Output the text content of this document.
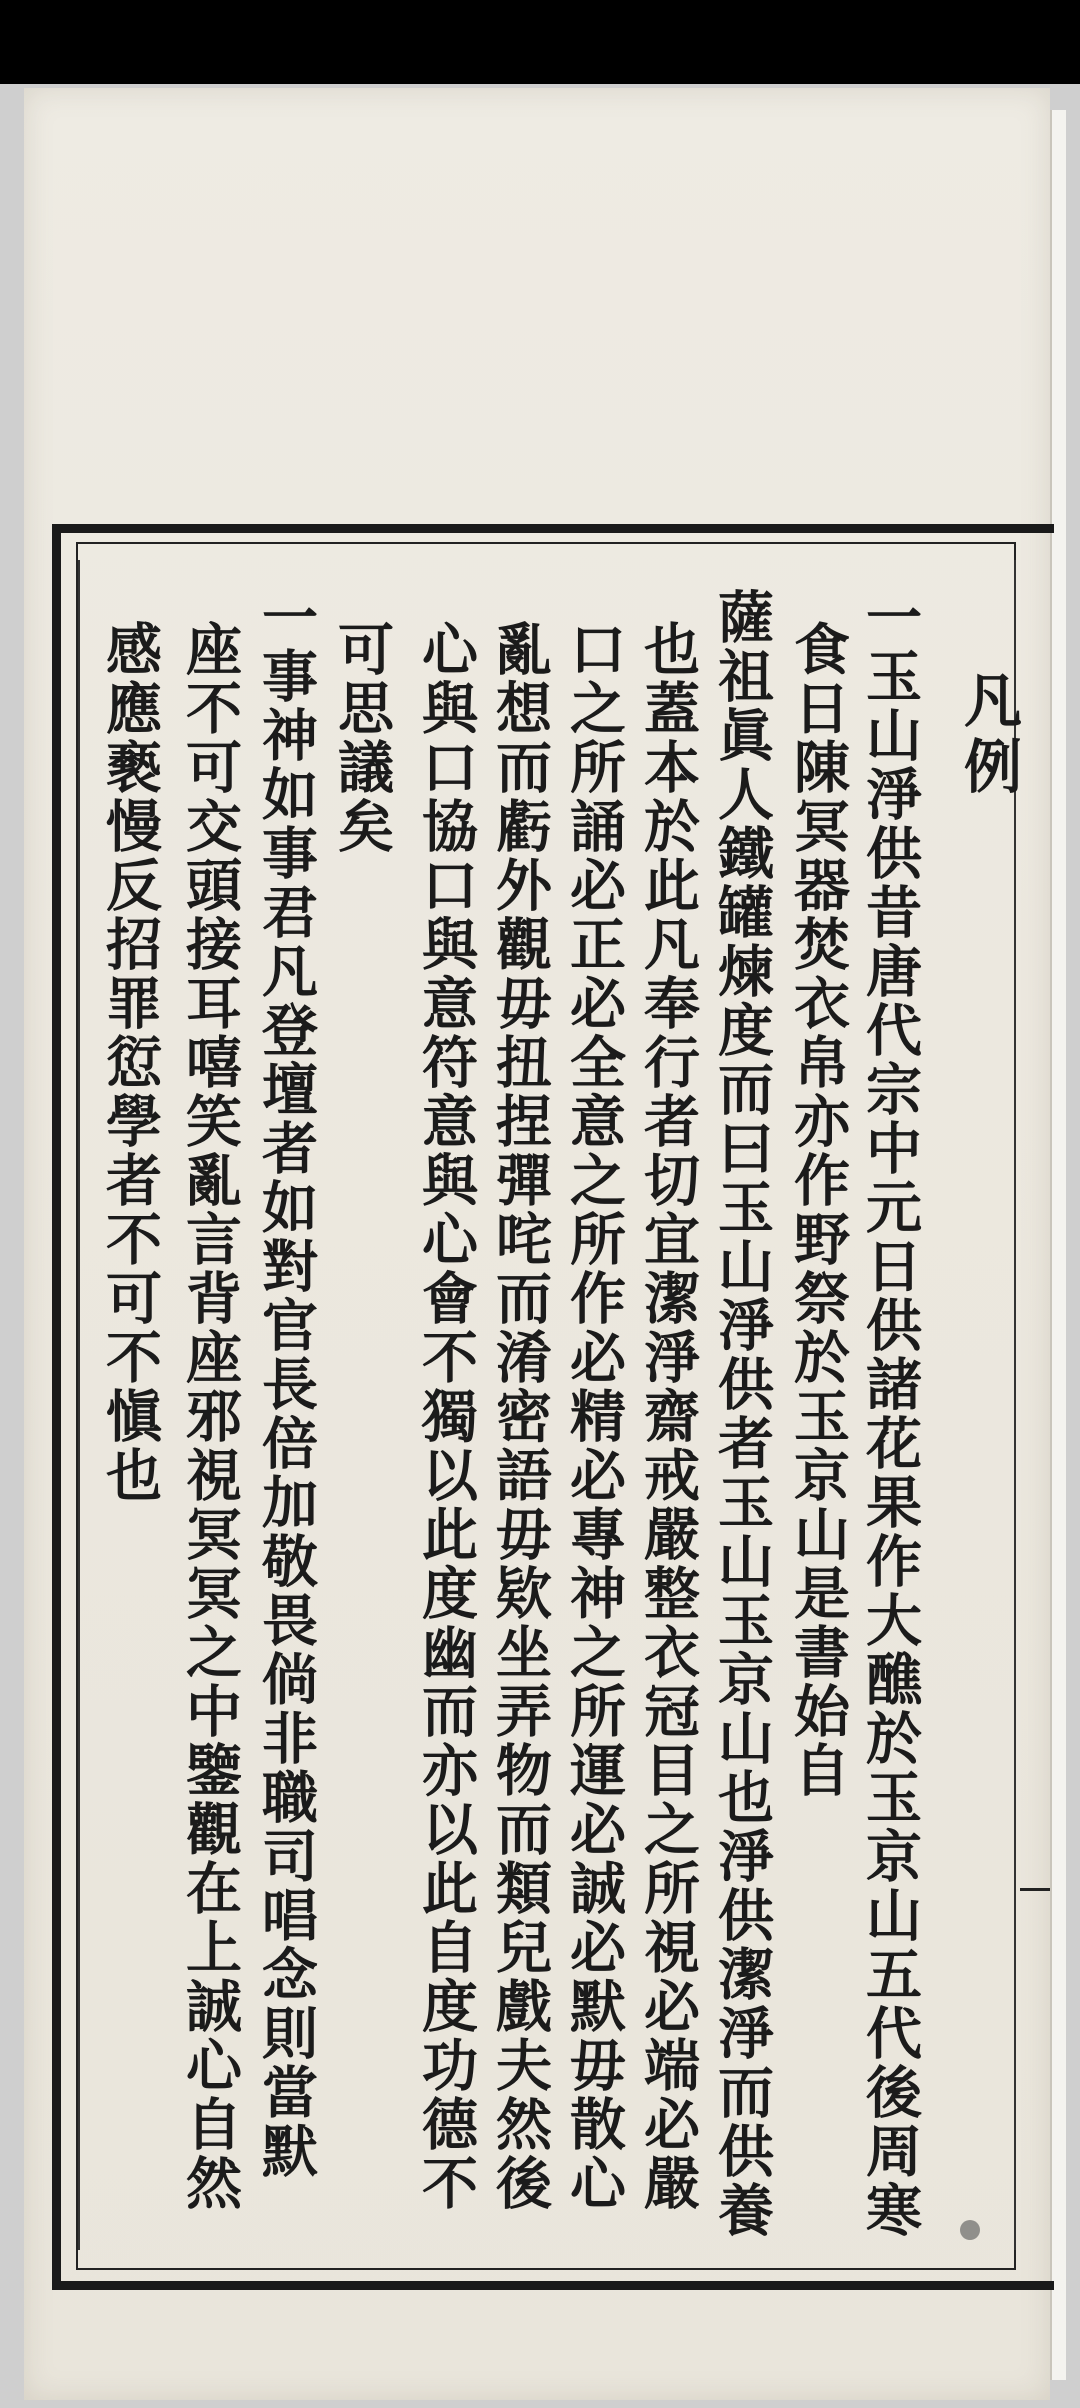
凡例
一玉山淨供昔唐代宗中元日供諸花果作大醮於玉京山五代後周寒
食日陳冥器焚衣帛亦作野祭於玉京山是書始自
薩祖眞人鐵罐煉度而曰玉山淨供者玉山玉京山也淨供潔淨而供養
也蓋本於此凡奉行者切宜潔淨齋戒嚴整衣冠目之所視必端必嚴
口之所誦必正必全意之所作必精必專神之所運必誠必默毋散心
亂想而虧外觀毋扭捏彈咤而淆密語毋欵坐弄物而類兒戲夫然後
心與口協口與意符意與心會不獨以此度幽而亦以此自度功德不
可思議矣
一事神如事君凡登壇者如對官長倍加敬畏倘非職司唱念則當默
座不可交頭接耳嘻笑亂言背座邪視冥冥之中鑒觀在上誠心自然
感應褻慢反招罪愆學者不可不愼也
